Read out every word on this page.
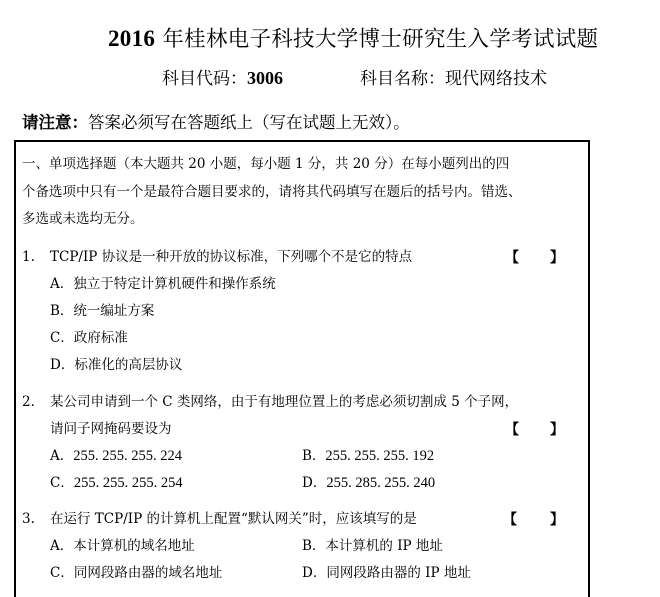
2016 年桂林电子科技大学博士研究生入学考试试题
科目代码：3006	科目名称：现代网络技术
请注意：答案必须写在答题纸上（写在试题上无效）。
一、单项选择题（本大题共 20 小题，每小题 1 分，共 20 分）在每小题列出的四
个备选项中只有一个是最符合题目要求的，请将其代码填写在题后的括号内。错选、
多选或未选均无分。
1. TCP/IP 协议是一种开放的协议标准，下列哪个不是它的特点	【 】
A．独立于特定计算机硬件和操作系统
B．统一编址方案
C．政府标准
D．标准化的高层协议
2. 某公司申请到一个 C 类网络，由于有地理位置上的考虑必须切割成 5 个子网，
请问子网掩码要设为	【 】
A．255. 255. 255. 224	B．255. 255. 255. 192
C．255. 255. 255. 254	D．255. 285. 255. 240
3. 在运行 TCP/IP 的计算机上配置“默认网关”时，应该填写的是	【 】
A．本计算机的域名地址	B．本计算机的 IP 地址
C．同网段路由器的域名地址	D．同网段路由器的 IP 地址
